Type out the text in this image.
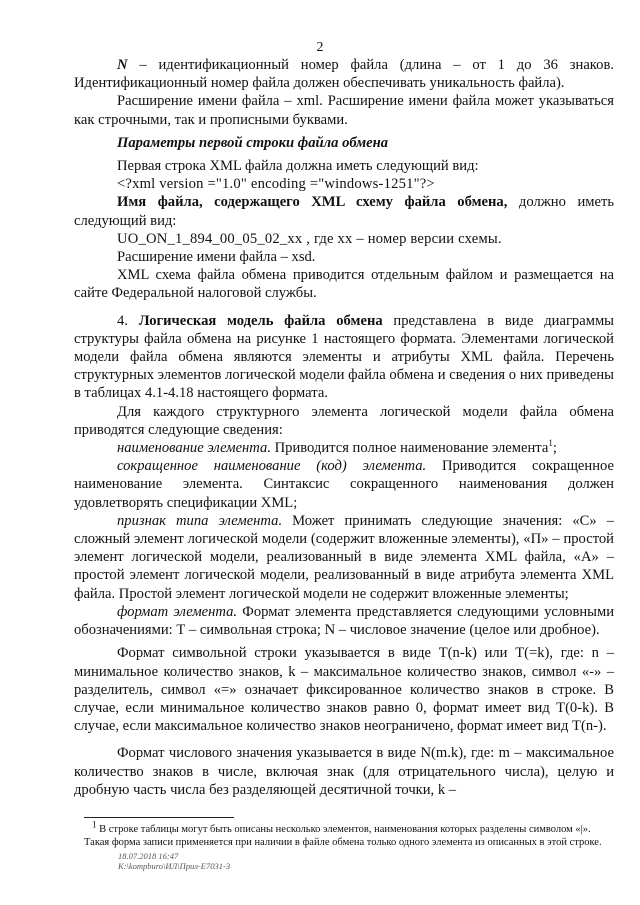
2

N – идентификационный номер файла (длина – от 1 до 36 знаков. Идентификационный номер файла должен обеспечивать уникальность файла).

Расширение имени файла – xml. Расширение имени файла может указываться как строчными, так и прописными буквами.

Параметры первой строки файла обмена

Первая строка XML файла должна иметь следующий вид:

<?xml version ="1.0" encoding ="windows-1251"?>

Имя файла, содержащего XML схему файла обмена, должно иметь следующий вид:

UO_ON_1_894_00_05_02_xx , где хх – номер версии схемы.

Расширение имени файла – xsd.

XML схема файла обмена приводится отдельным файлом и размещается на сайте Федеральной налоговой службы.

4. Логическая модель файла обмена представлена в виде диаграммы структуры файла обмена на рисунке 1 настоящего формата. Элементами логической модели файла обмена являются элементы и атрибуты XML файла. Перечень структурных элементов логической модели файла обмена и сведения о них приведены в таблицах 4.1-4.18 настоящего формата.

Для каждого структурного элемента логической модели файла обмена приводятся следующие сведения:

наименование элемента. Приводится полное наименование элемента$^1$;

сокращенное наименование (код) элемента. Приводится сокращенное наименование элемента. Синтаксис сокращенного наименования должен удовлетворять спецификации XML;

признак типа элемента. Может принимать следующие значения: «С» – сложный элемент логической модели (содержит вложенные элементы), «П» – простой элемент логической модели, реализованный в виде элемента XML файла, «А» – простой элемент логической модели, реализованный в виде атрибута элемента XML файла. Простой элемент логической модели не содержит вложенные элементы;

формат элемента. Формат элемента представляется следующими условными обозначениями: Т – символьная строка; N – числовое значение (целое или дробное).

Формат символьной строки указывается в виде Т(n-k) или Т(=k), где: n – минимальное количество знаков, k – максимальное количество знаков, символ «-» – разделитель, символ «=» означает фиксированное количество знаков в строке. В случае, если минимальное количество знаков равно 0, формат имеет вид Т(0-k). В случае, если максимальное количество знаков неограничено, формат имеет вид Т(n-).

Формат числового значения указывается в виде N(m.k), где: m – максимальное количество знаков в числе, включая знак (для отрицательного числа), целую и дробную часть числа без разделяющей десятичной точки, k –

$^1$ В строке таблицы могут быть описаны несколько элементов, наименования которых разделены символом «|».

Такая форма записи применяется при наличии в файле обмена только одного элемента из описанных в этой строке.

18.07.2018 16:47
K:\kompburo\ИЛ\Прил-Е7031-3
